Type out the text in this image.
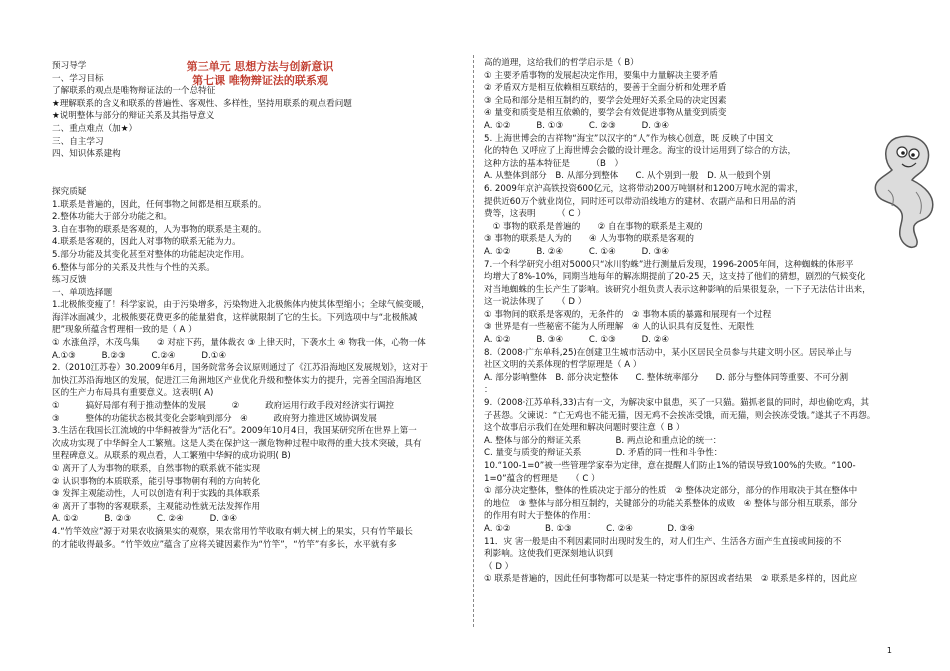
第三单元 思想方法与创新意识
第七课 唯物辩证法的联系观
预习导学
一、学习目标
了解联系的观点是唯物辩证法的一个总特征
★理解联系的含义和联系的普遍性、客观性、多样性，坚持用联系的观点看问题
★说明整体与部分的辩证关系及其指导意义
二、重点难点（加★）
三、自主学习
四、知识体系建构
探究质疑
1.联系是普遍的，因此，任何事物之间都是相互联系的。
2.整体功能大于部分功能之和。
3.自在事物的联系是客观的，人为事物的联系是主观的。
4.联系是客观的，因此人对事物的联系无能为力。
5.部分功能及其变化甚至对整体的功能起决定作用。
6.整体与部分的关系及共性与个性的关系。
练习反馈
一、单项选择题
1.北极熊变瘦了！科学家说，由于污染增多，污染物进入北极熊体内使其体型缩小；全球气候变暖，
海洋冰面减少，北极熊要花费更多的能量猎食，这样就限制了它的生长。下列选项中与“北极熊减
肥”现象所蕴含哲理相一致的是（ A ）
① 水涨鱼浮，木茂鸟集　　② 对症下药，量体裁衣 ③ 上律天时，下袭水土 ④ 物我一体，心物一体
A.①③　　　B.②③　　　C.②④　　　D.①④
2.（2010江苏卷）30.2009年6月，国务院常务会议原则通过了《江苏沿海地区发展规划》，这对于
加快江苏沿海地区的发展，促进江三角洲地区产业优化升级和整体实力的提升，完善全国沿海地区
区的生产力布局具有重要意义。这表明( A)
①　　　搞好局部有利于推动整体的发展　　　②　　　政府运用行政手段对经济实行调控
③　　　整体的功能状态极其变化会影响到部分　④　　　政府努力推进区域协调发展
3.生活在我国长江流域的中华鲟被誉为“活化石”。2009年10月4日，我国某研究所在世界上第一
次成功实现了中华鲟全人工繁殖。这是人类在保护这一濒危物种过程中取得的重大技术突破，具有
里程碑意义。从联系的观点看，人工繁殖中华鲟的成功说明( B)
① 离开了人为事物的联系，自然事物的联系就不能实现
② 认识事物的本质联系，能引导事物朝有利的方向转化
③ 发挥主观能动性，人可以创造有利于实践的具体联系
④ 离开了事物的客观联系，主观能动性就无法发挥作用
A. ①②　　　B. ②③　　　C. ②④　　　D. ③④
4.“竹竿效应”源于对果农收摘果实的观察，果农常用竹竿收取有刺大树上的果实，只有竹竿最长
的才能收得最多。“竹竿效应”蕴含了应将关键因素作为“竹竿”，“竹竿”有多长，水平就有多
高的道理，这给我们的哲学启示是（ B）
① 主要矛盾事物的发展起决定作用，要集中力量解决主要矛盾
② 矛盾双方是相互依赖相互联结的，要善于全面分析和处理矛盾
③ 全局和部分是相互制约的，要学会处理好关系全局的决定因素
④ 量变和质变是相互依赖的，要学会有效促进事物从量变到质变
A. ①②　　　B. ①③　　　C. ②③　　　D. ③④
5. 上海世博会的吉祥物“海宝”以汉字的“人”作为核心创意，既 反映了中国文
化的特色 又呼应了上海世博会会徽的设计理念。海宝的设计运用到了综合的方法，
这种方法的基本特征是　　　（B　）
A. 从整体到部分　B. 从部分到整体　　C. 从个别到一般　D. 从一般到个别
6. 2009年京沪高铁投资600亿元，这将带动200万吨钢材和1200万吨水泥的需求，
提供近60万个就业岗位，同时还可以带动沿线地方的建材、农副产品和日用品的消
费等，这表明　　　（ C ）
　① 事物的联系是普遍的　　② 自在事物的联系是主观的
③ 事物的联系是人为的　　④ 人为事物的联系是客观的
A. ①②　　　B. ②④　　　C. ①④　　　D. ③④
7.一个科学研究小组对5000只“冰川豹蛛”进行测量后发现，1996-2005年间，这种蜘蛛的体形平
均增大了8%-10%，同期当地每年的解冻期提前了20-25 天，这支持了他们的猜想，剧烈的气候变化
对当地蜘蛛的生长产生了影响。该研究小组负责人表示这种影响的后果很复杂，一下子无法估计出来，
这一说法体现了　　（ D ）
① 事物间的联系是客观的，无条件的　② 事物本质的暴露和展现有一个过程
③ 世界是有一些秘密不能为人所理解　④ 人的认识具有反复性、无限性
A. ①②　　　B. ③④　　　C. ①③　　　D. ②④
8.（2008·广东单科,25)在创建卫生城市活动中，某小区居民全员参与共建文明小区。居民举止与
社区文明的关系体现的哲学原理是（ A ）
A. 部分影响整体　B. 部分决定整体　　C. 整体统率部分　　D. 部分与整体同等重要、不可分割
：
9.（2008·江苏单科,33)古有一文，为解决家中鼠患，买了一只猫。猫抓老鼠的同时，却也偷吃鸡，其
子甚怨。父谏说：“亡无鸡也不能无猫，因无鸡不会挨冻受饿，而无猫，则会挨冻受饿。”遂其子不再怨。
这个故事启示我们在处理和解决问题时要注意（ B ）
A. 整体与部分的辩证关系　　　　B. 两点论和重点论的统一：
C. 量变与质变的辩证关系　　　　D. 矛盾的同一性和斗争性：
10.“100-1=0”被一些管理学家奉为定律，意在提醒人们防止1%的错误导致100%的失败。“100-
1=0”蕴含的哲理是　　（ C ）
① 部分决定整体，整体的性质决定于部分的性质　② 整体决定部分，部分的作用取决于其在整体中
的地位　③ 整体与部分相互制约，关键部分的功能关系整体的成败　④ 整体与部分相互联系，部分
的作用有时大于整体的作用：
A. ①②　　　　B. ①③　　　　C. ②④　　　　D. ③④
11．灾 害一般是由不利因素同时出现时发生的，对人们生产、生活各方面产生直接或间接的不
利影响。这使我们更深刻地认识到
（ D ）
① 联系是普遍的，因此任何事物都可以是某一特定事件的原因或者结果　② 联系是多样的，因此应
1
